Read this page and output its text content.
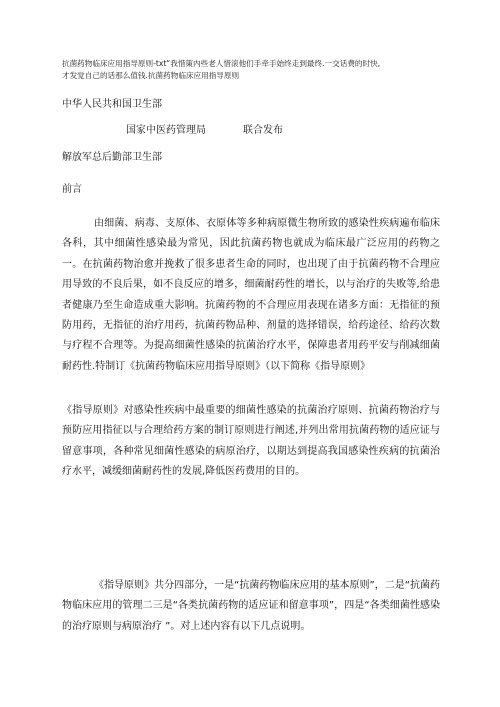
抗菌药物临床应用指导原则-txt“我惜策内些老人惜滚他们手牵手始终走到最终.一交话费的时快,
才发觉自己的话那么值钱.抗菌药物临床应用指导原则
中华人民共和国卫生部
国家中医药管理局	联合发布
解放军总后勤部卫生部
前言
由细菌、病毒、支原体、衣原体等多种病原微生物所致的感染性疾病遍布临床各科，其中细菌性感染最为常见，因此抗菌药物也就成为临床最广泛应用的药物之一。在抗菌药物治愈并挽救了很多患者生命的同时，也出现了由于抗菌药物不合理应用导致的不良后果，如不良反应的增多，细菌耐药性的增长，以与治疗的失败等,给患者健康乃至生命造成重大影响。抗菌药物的不合理应用表现在诸多方面：无指征的预防用药，无指征的治疗用药，抗菌药物品种、剂量的选择错误，给药途径、给药次数与疗程不合理等。为提高细菌性感染的抗菌治疗水平，保障患者用药平安与削减细菌耐药性.特制订《抗菌药物临床应用指导原则》（以下简称《指导原则》
《指导原则》对感染性疾病中最重要的细菌性感染的抗菌治疗原则、抗菌药物治疗与预防应用指征以与合理给药方案的制订原则进行阐述,并列出常用抗菌药物的适应证与留意事项，各种常见细菌性感染的病原治疗，以期达到提高我国感染性疾病的抗菌治疗水平，减缓细菌耐药性的发展,降低医药费用的目的。
《指导原则》共分四部分，一是“抗菌药物临床应用的基本原则”，二是“抗菌药物临床应用的管理二三是“各类抗菌药物的适应证和留意事项”，四是“各类细菌性感染的治疗原则与病原治疗 ”。对上述内容有以下几点说明。
